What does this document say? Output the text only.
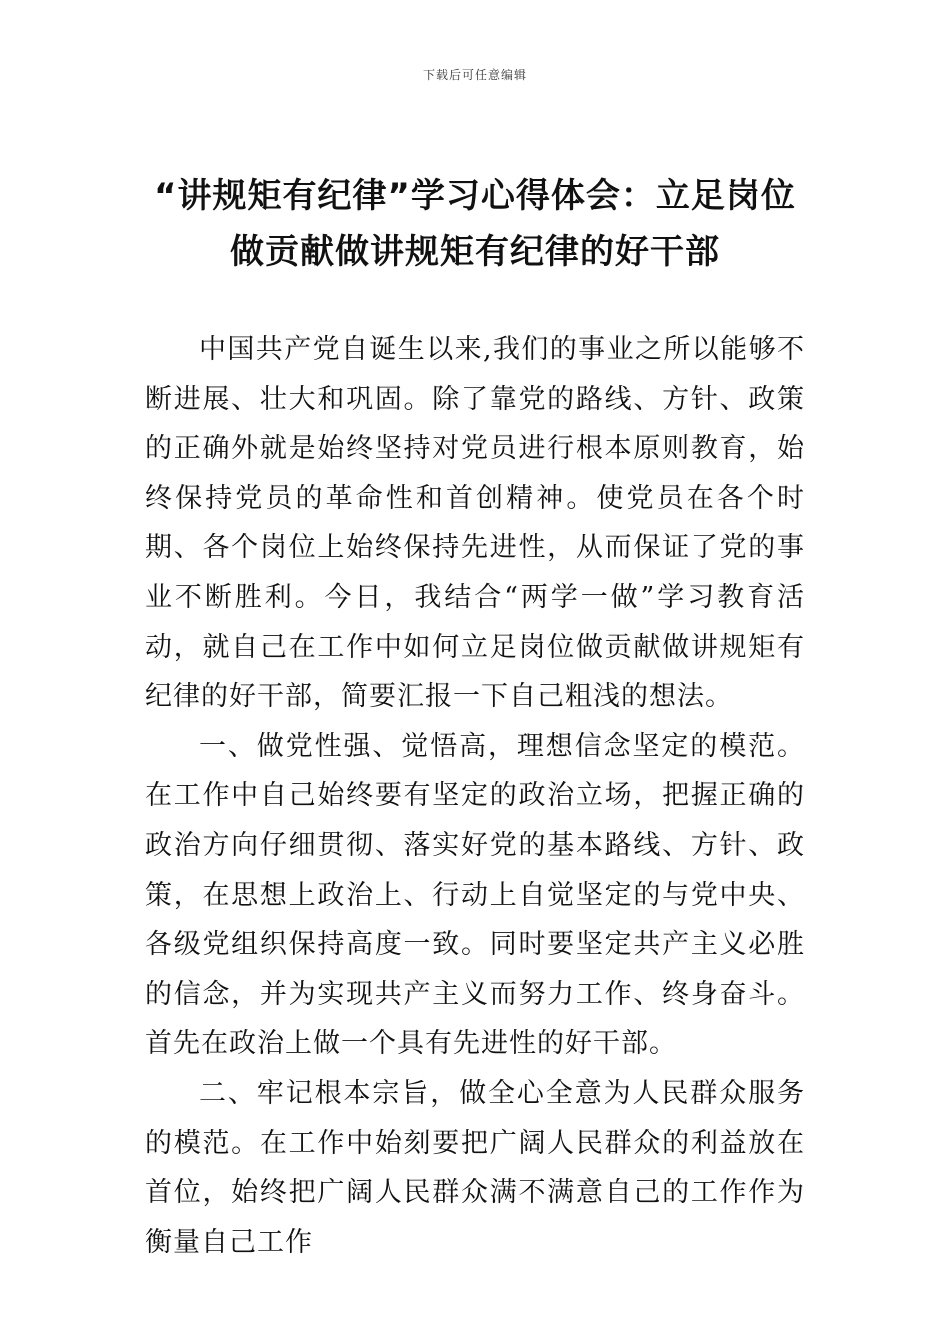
下载后可任意编辑
“讲规矩有纪律”学习心得体会：立足岗位
做贡献做讲规矩有纪律的好干部

中国共产党自诞生以来,我们的事业之所以能够不断进展、壮大和巩固。除了靠党的路线、方针、政策的正确外就是始终坚持对党员进行根本原则教育，始终保持党员的革命性和首创精神。使党员在各个时期、各个岗位上始终保持先进性，从而保证了党的事业不断胜利。今日，我结合“两学一做”学习教育活动，就自己在工作中如何立足岗位做贡献做讲规矩有纪律的好干部，简要汇报一下自己粗浅的想法。

一、做党性强、觉悟高，理想信念坚定的模范。在工作中自己始终要有坚定的政治立场，把握正确的政治方向仔细贯彻、落实好党的基本路线、方针、政策，在思想上政治上、行动上自觉坚定的与党中央、各级党组织保持高度一致。同时要坚定共产主义必胜的信念，并为实现共产主义而努力工作、终身奋斗。首先在政治上做一个具有先进性的好干部。

二、牢记根本宗旨，做全心全意为人民群众服务的模范。在工作中始刻要把广阔人民群众的利益放在首位，始终把广阔人民群众满不满意自己的工作作为衡量自己工作
